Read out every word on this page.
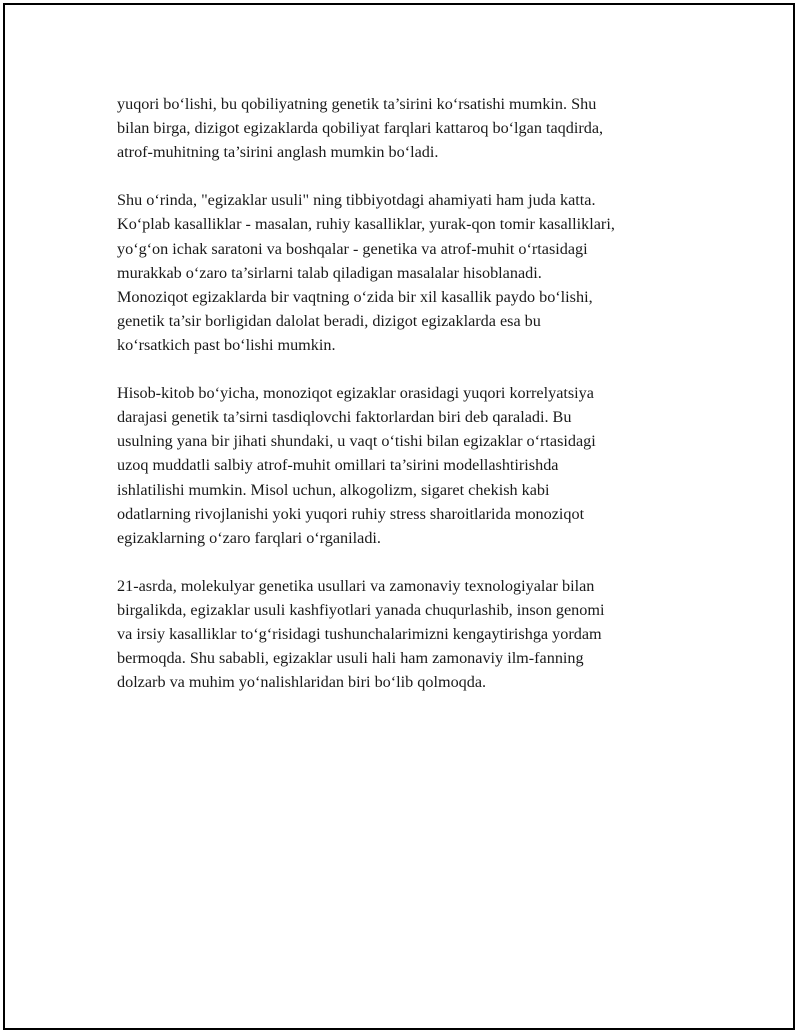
yuqori bo‘lishi, bu qobiliyatning genetik ta’sirini ko‘rsatishi mumkin. Shu
bilan birga, dizigot egizaklarda qobiliyat farqlari kattaroq bo‘lgan taqdirda,
atrof-muhitning ta’sirini anglash mumkin bo‘ladi.

Shu o‘rinda, "egizaklar usuli" ning tibbiyotdagi ahamiyati ham juda katta.
Ko‘plab kasalliklar - masalan, ruhiy kasalliklar, yurak-qon tomir kasalliklari,
yo‘g‘on ichak saratoni va boshqalar - genetika va atrof-muhit o‘rtasidagi
murakkab o‘zaro ta’sirlarni talab qiladigan masalalar hisoblanadi.
Monoziqot egizaklarda bir vaqtning o‘zida bir xil kasallik paydo bo‘lishi,
genetik ta’sir borligidan dalolat beradi, dizigot egizaklarda esa bu
ko‘rsatkich past bo‘lishi mumkin.

Hisob-kitob bo‘yicha, monoziqot egizaklar orasidagi yuqori korrelyatsiya
darajasi genetik ta’sirni tasdiqlovchi faktorlardan biri deb qaraladi. Bu
usulning yana bir jihati shundaki, u vaqt o‘tishi bilan egizaklar o‘rtasidagi
uzoq muddatli salbiy atrof-muhit omillari ta’sirini modellashtirishda
ishlatilishi mumkin. Misol uchun, alkogolizm, sigaret chekish kabi
odatlarning rivojlanishi yoki yuqori ruhiy stress sharoitlarida monoziqot
egizaklarning o‘zaro farqlari o‘rganiladi.

21-asrda, molekulyar genetika usullari va zamonaviy texnologiyalar bilan
birgalikda, egizaklar usuli kashfiyotlari yanada chuqurlashib, inson genomi
va irsiy kasalliklar to‘g‘risidagi tushunchalarimizni kengaytirishga yordam
bermoqda. Shu sababli, egizaklar usuli hali ham zamonaviy ilm-fanning
dolzarb va muhim yo‘nalishlaridan biri bo‘lib qolmoqda.
